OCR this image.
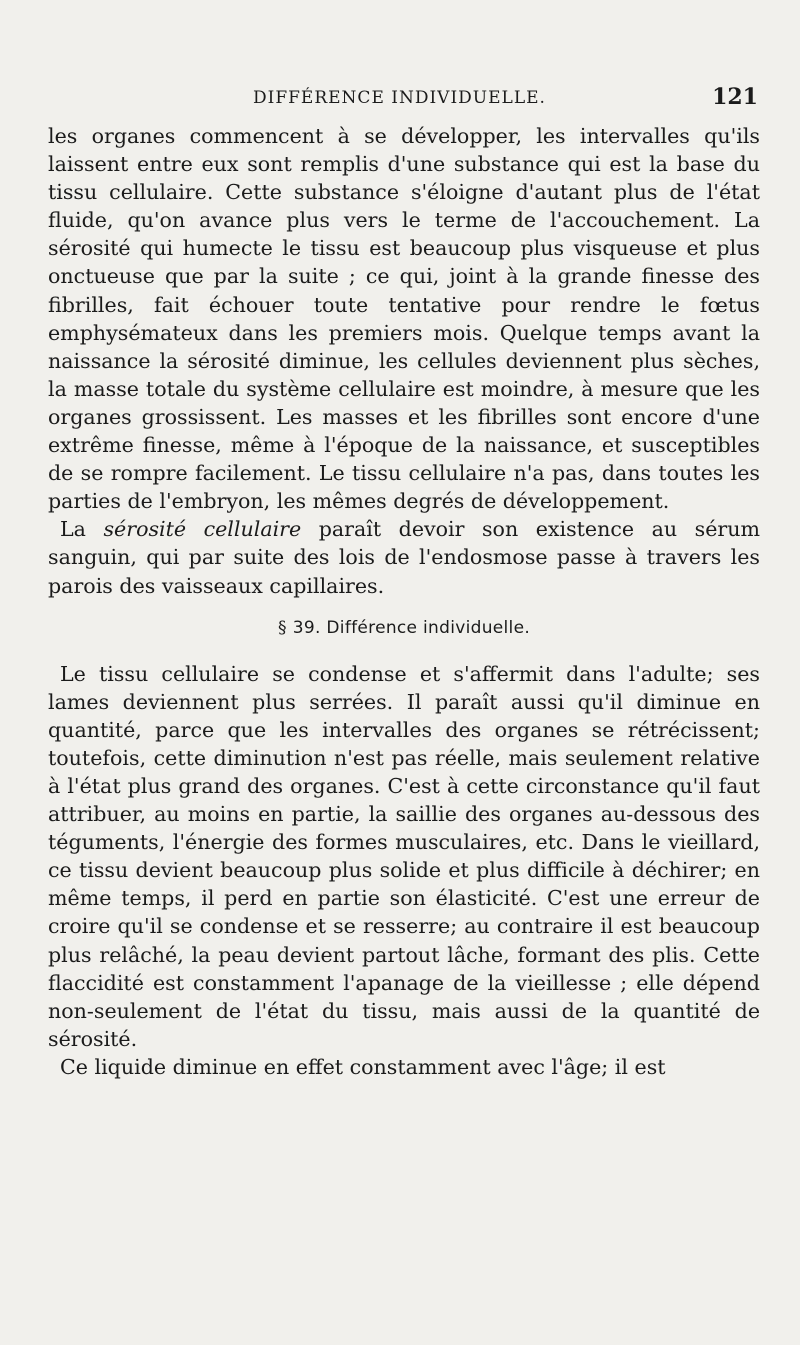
DIFFÉRENCE INDIVIDUELLE.	121

les organes commencent à se développer, les intervalles qu'ils laissent entre eux sont remplis d'une substance qui est la base du tissu cellulaire. Cette substance s'éloigne d'autant plus de l'état fluide, qu'on avance plus vers le terme de l'accouchement. La sérosité qui humecte le tissu est beaucoup plus visqueuse et plus onctueuse que par la suite ; ce qui, joint à la grande finesse des fibrilles, fait échouer toute tentative pour rendre le fœtus emphysémateux dans les premiers mois. Quelque temps avant la naissance la sérosité diminue, les cellules deviennent plus sèches, la masse totale du système cellulaire est moindre, à mesure que les organes grossissent. Les masses et les fibrilles sont encore d'une extrême finesse, même à l'époque de la naissance, et susceptibles de se rompre facilement. Le tissu cellulaire n'a pas, dans toutes les parties de l'embryon, les mêmes degrés de développement.

La sérosité cellulaire paraît devoir son existence au sérum sanguin, qui par suite des lois de l'endosmose passe à travers les parois des vaisseaux capillaires.

§ 39. Différence individuelle.

Le tissu cellulaire se condense et s'affermit dans l'adulte; ses lames deviennent plus serrées. Il paraît aussi qu'il diminue en quantité, parce que les intervalles des organes se rétrécissent; toutefois, cette diminution n'est pas réelle, mais seulement relative à l'état plus grand des organes. C'est à cette circonstance qu'il faut attribuer, au moins en partie, la saillie des organes au-dessous des téguments, l'énergie des formes musculaires, etc. Dans le vieillard, ce tissu devient beaucoup plus solide et plus difficile à déchirer; en même temps, il perd en partie son élasticité. C'est une erreur de croire qu'il se condense et se resserre; au contraire il est beaucoup plus relâché, la peau devient partout lâche, formant des plis. Cette flaccidité est constamment l'apanage de la vieillesse ; elle dépend non-seulement de l'état du tissu, mais aussi de la quantité de sérosité.

Ce liquide diminue en effet constamment avec l'âge; il est
